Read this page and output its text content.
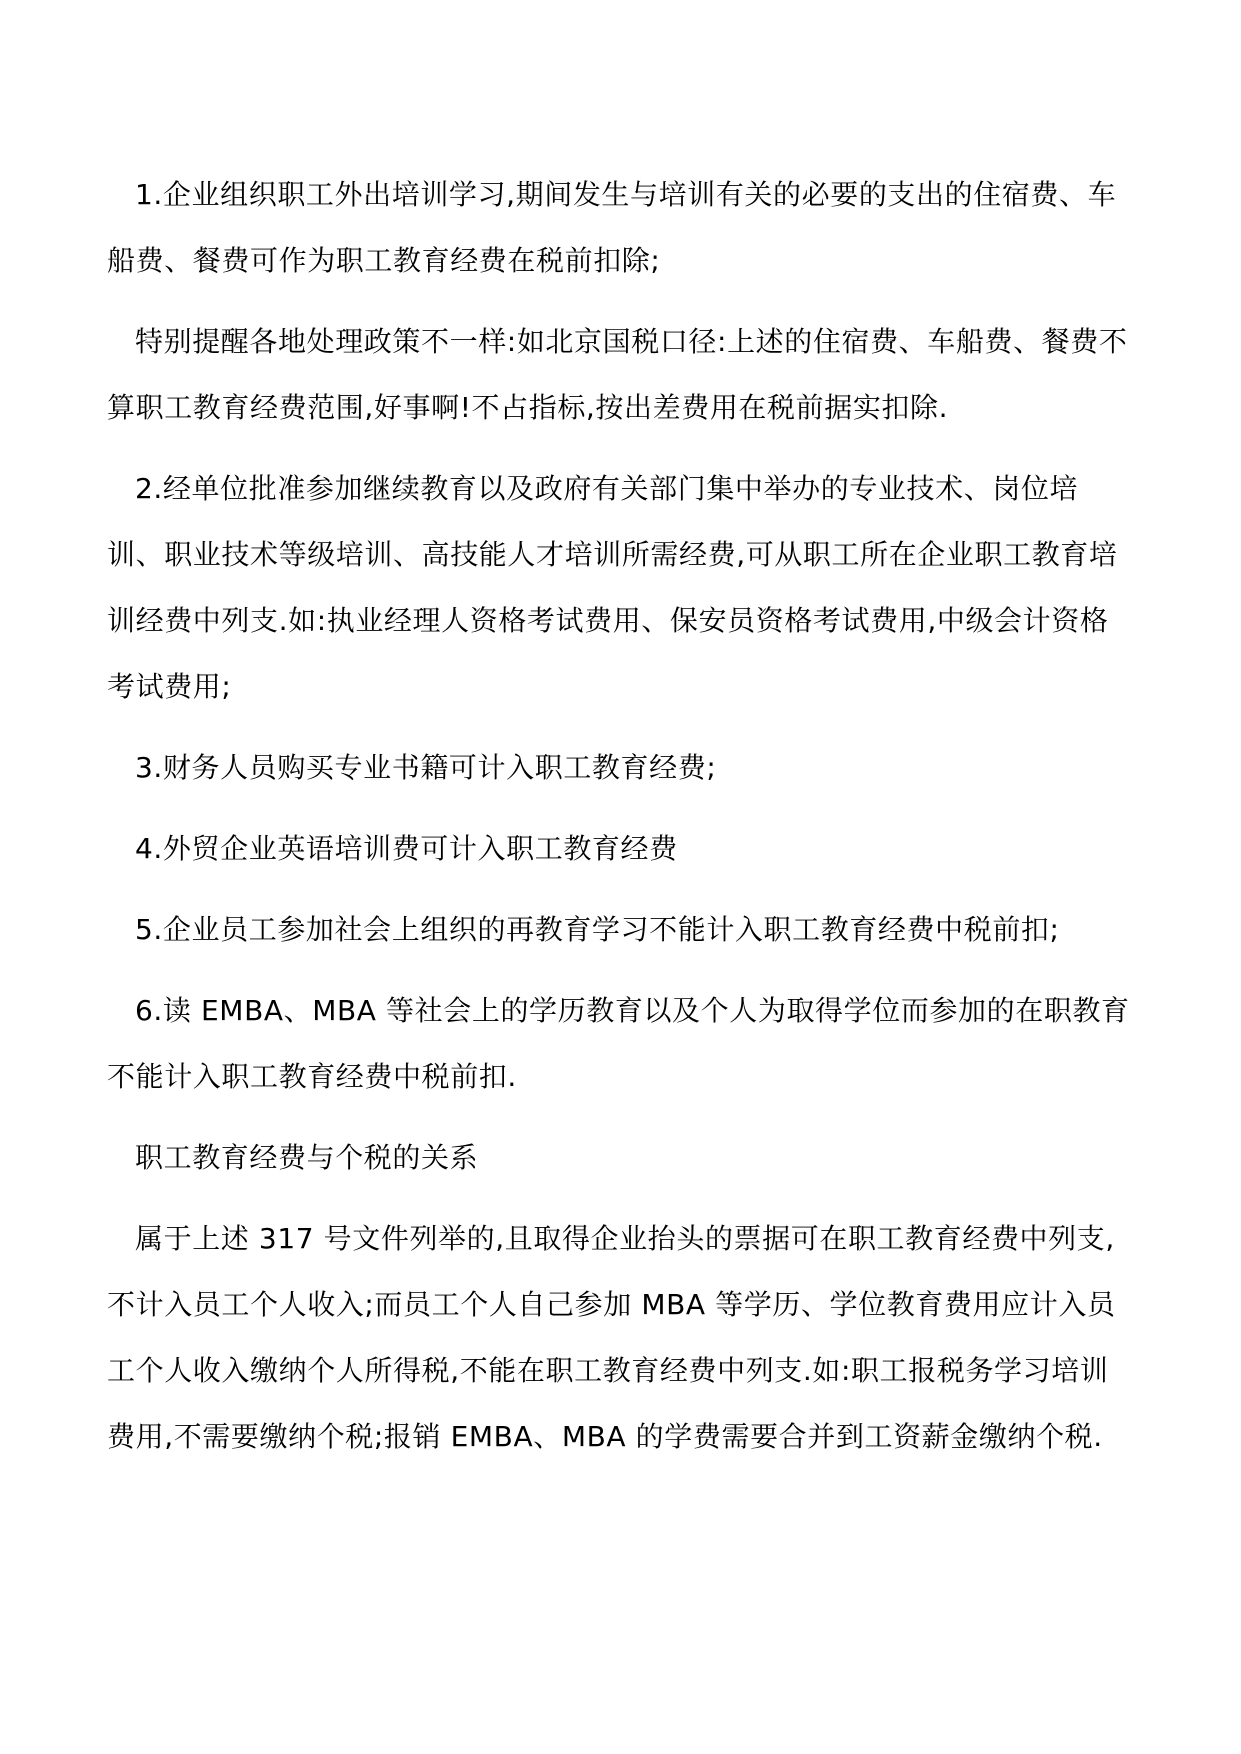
1.企业组织职工外出培训学习,期间发生与培训有关的必要的支出的住宿费、车船费、餐费可作为职工教育经费在税前扣除;

特别提醒各地处理政策不一样:如北京国税口径:上述的住宿费、车船费、餐费不算职工教育经费范围,好事啊!不占指标,按出差费用在税前据实扣除.

2.经单位批准参加继续教育以及政府有关部门集中举办的专业技术、岗位培训、职业技术等级培训、高技能人才培训所需经费,可从职工所在企业职工教育培训经费中列支.如:执业经理人资格考试费用、保安员资格考试费用,中级会计资格考试费用;

3.财务人员购买专业书籍可计入职工教育经费;

4.外贸企业英语培训费可计入职工教育经费

5.企业员工参加社会上组织的再教育学习不能计入职工教育经费中税前扣;

6.读 EMBA、MBA 等社会上的学历教育以及个人为取得学位而参加的在职教育不能计入职工教育经费中税前扣.

职工教育经费与个税的关系

属于上述 317 号文件列举的,且取得企业抬头的票据可在职工教育经费中列支,不计入员工个人收入;而员工个人自己参加 MBA 等学历、学位教育费用应计入员工个人收入缴纳个人所得税,不能在职工教育经费中列支.如:职工报税务学习培训费用,不需要缴纳个税;报销 EMBA、MBA 的学费需要合并到工资薪金缴纳个税.
